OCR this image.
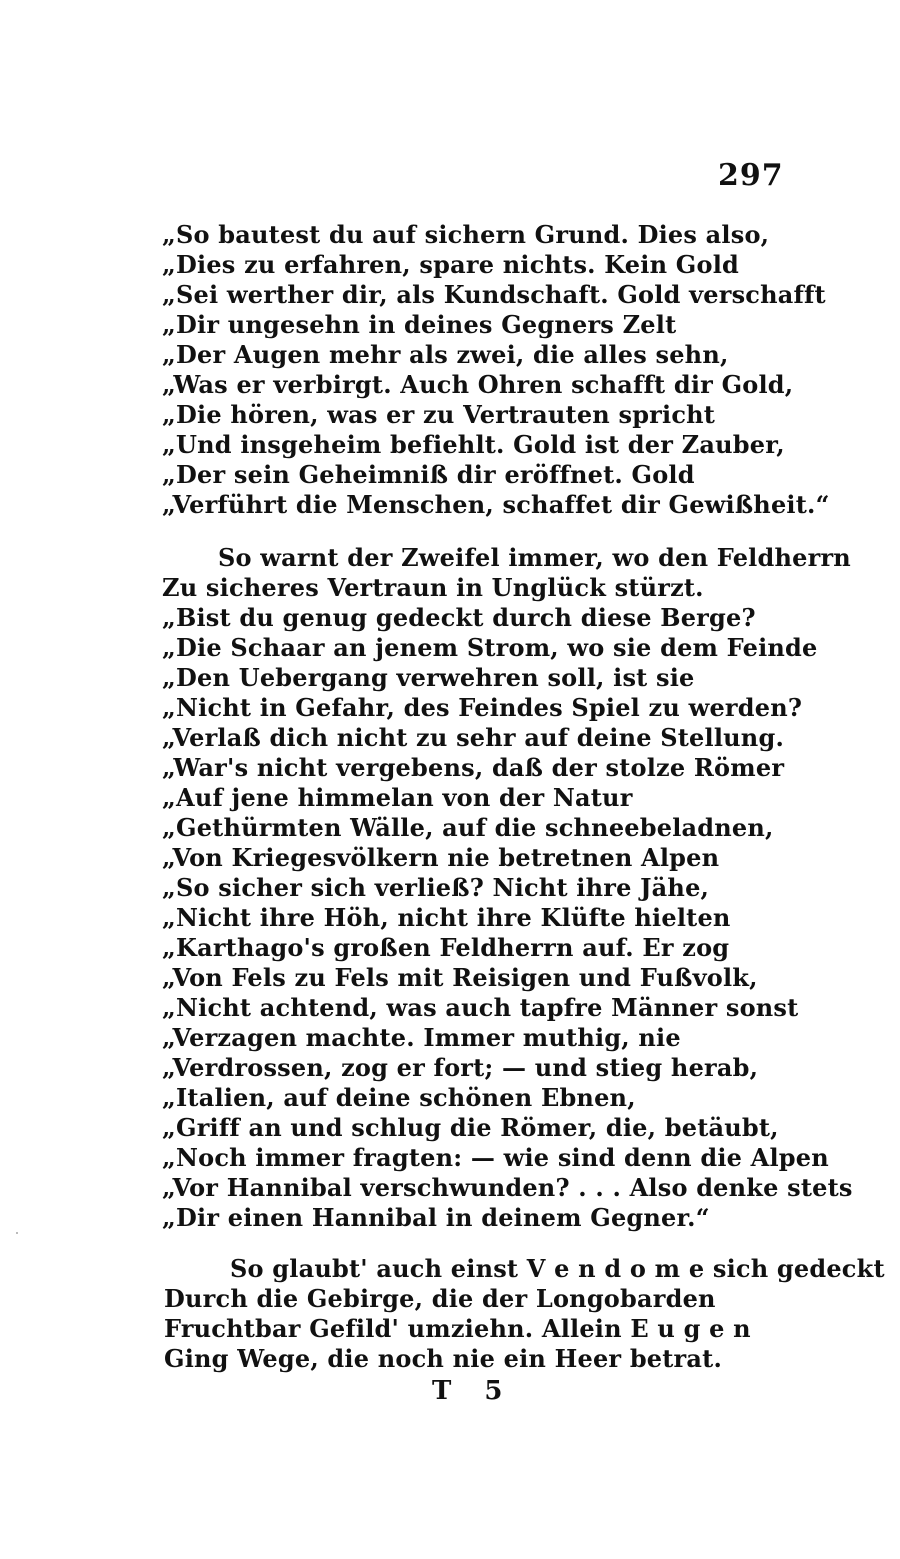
297
„So bautest du auf sichern Grund. Dies also,
„Dies zu erfahren, spare nichts. Kein Gold
„Sei werther dir, als Kundschaft. Gold verschafft
„Dir ungesehn in deines Gegners Zelt
„Der Augen mehr als zwei, die alles sehn,
„Was er verbirgt. Auch Ohren schafft dir Gold,
„Die hören, was er zu Vertrauten spricht
„Und insgeheim befiehlt. Gold ist der Zauber,
„Der sein Geheimniß dir eröffnet. Gold
„Verführt die Menschen, schaffet dir Gewißheit.“
So warnt der Zweifel immer, wo den Feldherrn
Zu sicheres Vertraun in Unglück stürzt.
„Bist du genug gedeckt durch diese Berge?
„Die Schaar an jenem Strom, wo sie dem Feinde
„Den Uebergang verwehren soll, ist sie
„Nicht in Gefahr, des Feindes Spiel zu werden?
„Verlaß dich nicht zu sehr auf deine Stellung.
„War's nicht vergebens, daß der stolze Römer
„Auf jene himmelan von der Natur
„Gethürmten Wälle, auf die schneebeladnen,
„Von Kriegesvölkern nie betretnen Alpen
„So sicher sich verließ? Nicht ihre Jähe,
„Nicht ihre Höh, nicht ihre Klüfte hielten
„Karthago's großen Feldherrn auf. Er zog
„Von Fels zu Fels mit Reisigen und Fußvolk,
„Nicht achtend, was auch tapfre Männer sonst
„Verzagen machte. Immer muthig, nie
„Verdrossen, zog er fort; — und stieg herab,
„Italien, auf deine schönen Ebnen,
„Griff an und schlug die Römer, die, betäubt,
„Noch immer fragten: — wie sind denn die Alpen
„Vor Hannibal verschwunden? . . . Also denke stets
„Dir einen Hannibal in deinem Gegner.“
So glaubt' auch einst V e n d o m e sich gedeckt
Durch die Gebirge, die der Longobarden
Fruchtbar Gefild' umziehn. Allein E u g e n
Ging Wege, die noch nie ein Heer betrat.
T 5
